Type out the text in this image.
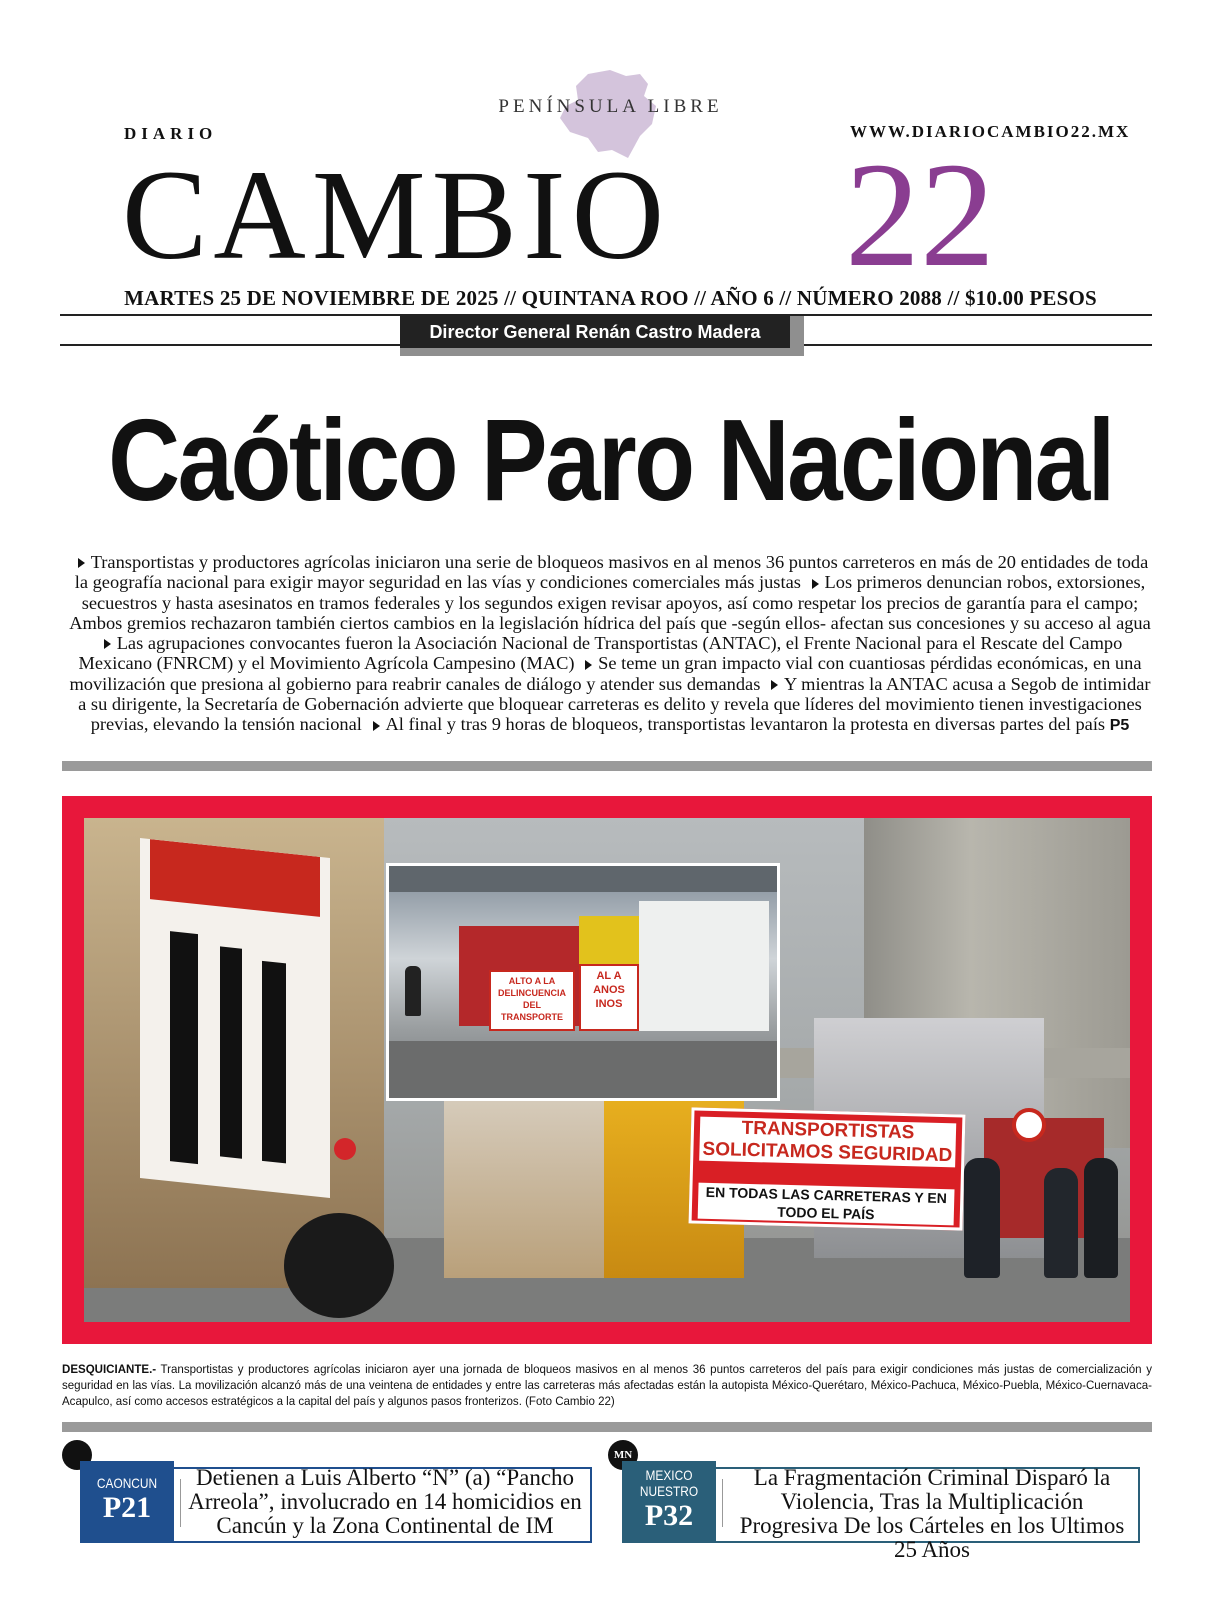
PENÍNSULA LIBRE
DIARIO	WWW.DIARIOCAMBIO22.MX
CAMBIO 22
MARTES 25 DE NOVIEMBRE DE 2025 // QUINTANA ROO // AÑO 6 // NÚMERO 2088 // $10.00 PESOS
Director General Renán Castro Madera
Caótico Paro Nacional
Transportistas y productores agrícolas iniciaron una serie de bloqueos masivos en al menos 36 puntos carreteros en más de 20 entidades de toda la geografía nacional para exigir mayor seguridad en las vías y condiciones comerciales más justas Los primeros denuncian robos, extorsiones, secuestros y hasta asesinatos en tramos federales y los segundos exigen revisar apoyos, así como respetar los precios de garantía para el campo; Ambos gremios rechazaron también ciertos cambios en la legislación hídrica del país que -según ellos- afectan sus concesiones y su acceso al agua Las agrupaciones convocantes fueron la Asociación Nacional de Transportistas (ANTAC), el Frente Nacional para el Rescate del Campo Mexicano (FNRCM) y el Movimiento Agrícola Campesino (MAC) Se teme un gran impacto vial con cuantiosas pérdidas económicas, en una movilización que presiona al gobierno para reabrir canales de diálogo y atender sus demandas Y mientras la ANTAC acusa a Segob de intimidar a su dirigente, la Secretaría de Gobernación advierte que bloquear carreteras es delito y revela que líderes del movimiento tienen investigaciones previas, elevando la tensión nacional Al final y tras 9 horas de bloqueos, transportistas levantaron la protesta en diversas partes del país P5
TRANSPORTISTAS SOLICITAMOS SEGURIDAD
EN TODAS LAS CARRETERAS Y EN TODO EL PAÍS
ALTO A LA DELINCUENCIA DEL TRANSPORTE
AL A ANOS INOS
DESQUICIANTE.- Transportistas y productores agrícolas iniciaron ayer una jornada de bloqueos masivos en al menos 36 puntos carreteros del país para exigir condiciones más justas de comercialización y seguridad en las vías. La movilización alcanzó más de una veintena de entidades y entre las carreteras más afectadas están la autopista México-Querétaro, México-Pachuca, México-Puebla, México-Cuernavaca-Acapulco, así como accesos estratégicos a la capital del país y algunos pasos fronterizos. (Foto Cambio 22)
CAONCUN
P21
Detienen a Luis Alberto “N” (a) “Pancho Arreola”, involucrado en 14 homicidios en Cancún y la Zona Continental de IM
MN
MEXICO NUESTRO
P32
La Fragmentación Criminal Disparó la Violencia, Tras la Multiplicación Progresiva De los Cárteles en los Ultimos 25 Años
